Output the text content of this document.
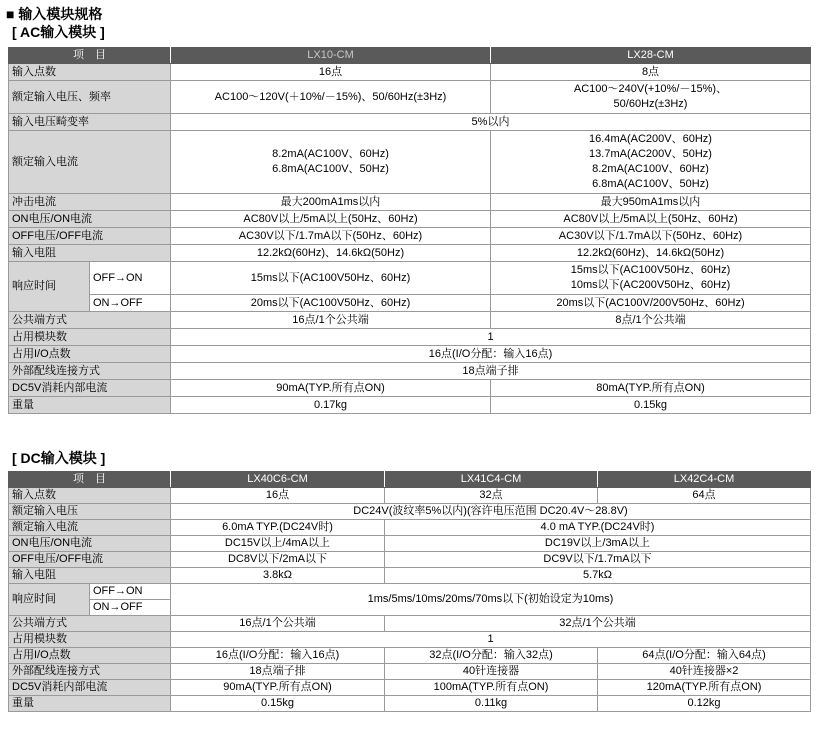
■ 输入模块规格
[ AC输入模块 ]
项　目		LX10-CM	LX28-CM
输入点数		16点	8点
额定输入电压、频率		AC100～120V(＋10%/－15%)、50/60Hz(±3Hz)	AC100～240V(+10%/－15%)、
50/60Hz(±3Hz)

输入电压畸变率		5%以内	
额定输入电流		8.2mA(AC100V、60Hz)
6.8mA(AC100V、50Hz)	16.4mA(AC200V、60Hz)
13.7mA(AC200V、50Hz)
8.2mA(AC100V、60Hz)
6.8mA(AC100V、50Hz)

冲击电流		最大200mA1ms以内	最大950mA1ms以内
ON电压/ON电流		AC80V以上/5mA以上(50Hz、60Hz)	AC80V以上/5mA以上(50Hz、60Hz)
OFF电压/OFF电流		AC30V以下/1.7mA以下(50Hz、60Hz)	AC30V以下/1.7mA以下(50Hz、60Hz)
输入电阻		12.2kΩ(60Hz)、14.6kΩ(50Hz)	12.2kΩ(60Hz)、14.6kΩ(50Hz)
响应时间	OFF→ON	15ms以下(AC100V50Hz、60Hz)	15ms以下(AC100V50Hz、60Hz)
10ms以下(AC200V50Hz、60Hz)

	ON→OFF	20ms以下(AC100V50Hz、60Hz)	20ms以下(AC100V/200V50Hz、60Hz)
公共端方式		16点/1个公共端	8点/1个公共端
占用模块数		1	
占用I/O点数		16点(I/O分配：输入16点)	
外部配线连接方式		18点端子排	
DC5V消耗内部电流		90mA(TYP.所有点ON)	80mA(TYP.所有点ON)
重量		0.17kg	0.15kg
[ DC输入模块 ]
项　目		LX40C6-CM	LX41C4-CM	LX42C4-CM
输入点数		16点	32点	64点
额定输入电压		DC24V(波纹率5%以内)(容许电压范围 DC20.4V～28.8V)		
额定输入电流		6.0mA TYP.(DC24V时)	4.0 mA TYP.(DC24V时)	
ON电压/ON电流		DC15V以上/4mA以上	DC19V以上/3mA以上	
OFF电压/OFF电流		DC8V以下/2mA以下	DC9V以下/1.7mA以下	
输入电阻		3.8kΩ	5.7kΩ	
响应时间	OFF→ON	1ms/5ms/10ms/20ms/70ms以下(初始设定为10ms)		
	ON→OFF			
公共端方式		16点/1个公共端	32点/1个公共端	
占用模块数		1		
占用I/O点数		16点(I/O分配：输入16点)	32点(I/O分配：输入32点)	64点(I/O分配：输入64点)
外部配线连接方式		18点端子排	40针连接器	40针连接器×2
DC5V消耗内部电流		90mA(TYP.所有点ON)	100mA(TYP.所有点ON)	120mA(TYP.所有点ON)
重量		0.15kg	0.11kg	0.12kg
